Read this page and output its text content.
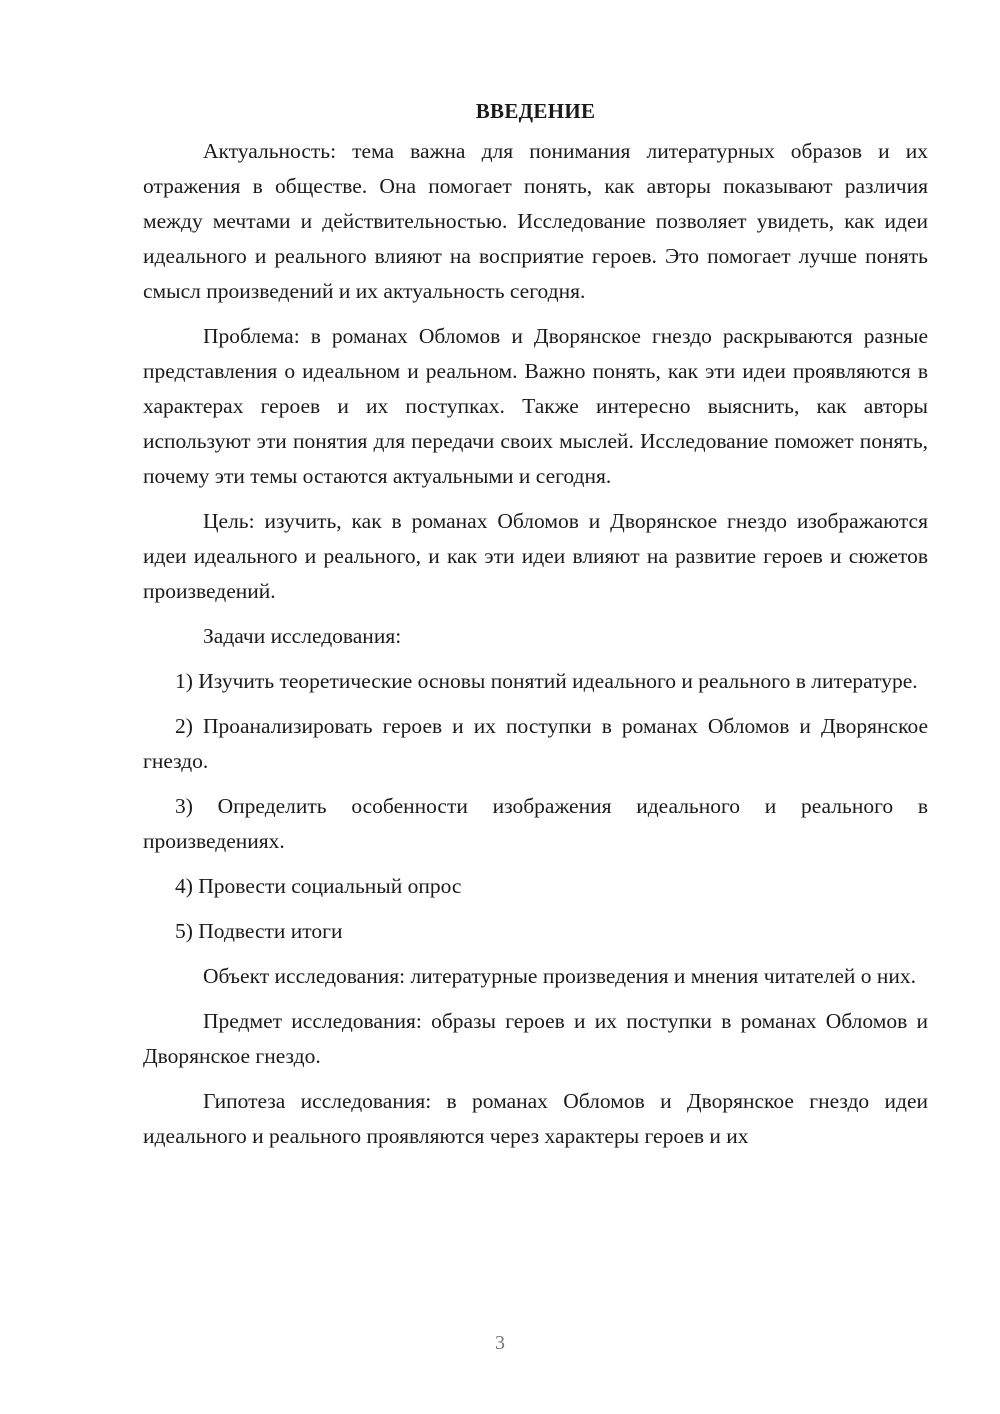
ВВЕДЕНИЕ

Актуальность: тема важна для понимания литературных образов и их отражения в обществе. Она помогает понять, как авторы показывают различия между мечтами и действительностью. Исследование позволяет увидеть, как идеи идеального и реального влияют на восприятие героев. Это помогает лучше понять смысл произведений и их актуальность сегодня.

Проблема: в романах Обломов и Дворянское гнездо раскрываются разные представления о идеальном и реальном. Важно понять, как эти идеи проявляются в характерах героев и их поступках. Также интересно выяснить, как авторы используют эти понятия для передачи своих мыслей. Исследование поможет понять, почему эти темы остаются актуальными и сегодня.

Цель: изучить, как в романах Обломов и Дворянское гнездо изображаются идеи идеального и реального, и как эти идеи влияют на развитие героев и сюжетов произведений.

Задачи исследования:

1) Изучить теоретические основы понятий идеального и реального в литературе.

2) Проанализировать героев и их поступки в романах Обломов и Дворянское гнездо.

3) Определить особенности изображения идеального и реального в произведениях.

4) Провести социальный опрос

5) Подвести итоги

Объект исследования: литературные произведения и мнения читателей о них.

Предмет исследования: образы героев и их поступки в романах Обломов и Дворянское гнездо.

Гипотеза исследования: в романах Обломов и Дворянское гнездо идеи идеального и реального проявляются через характеры героев и их

3
